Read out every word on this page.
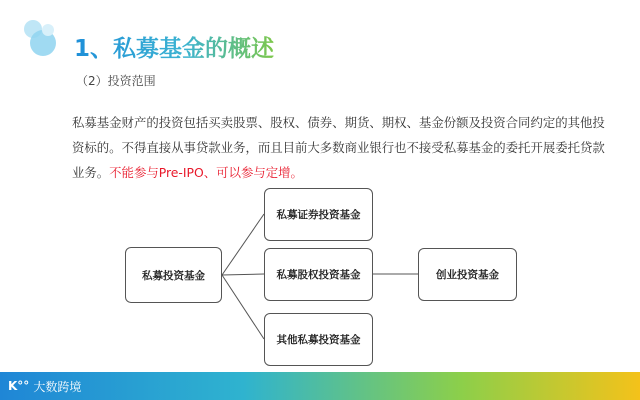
1、私募基金的概述
（2）投资范围

私募基金财产的投资包括买卖股票、股权、债券、期货、期权、基金份额及投资合同约定的其他投资标的。不得直接从事贷款业务，而且目前大多数商业银行也不接受私募基金的委托开展委托贷款业务。不能参与Pre-IPO、可以参与定增。

私募投资基金
私募证券投资基金
私募股权投资基金
其他私募投资基金
创业投资基金
K°° 大数跨境
